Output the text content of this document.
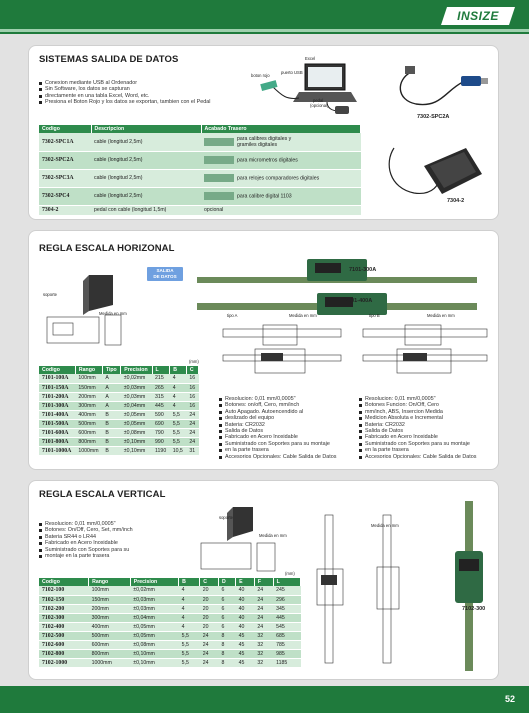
INSIZE
SISTEMAS SALIDA DE DATOS
Conexion mediante USB al Ordenador
Sin Software, los datos se capturan
directamente en una tabla Excel, Word, etc.
Presiona el Boton Rojo y los datos se exportan, tambien con el Pedal
Excel
boton rojo
puerto USB
pedal
(opcional)
7302-SPC2A
7304-2
Codigo	Descripcion	Acabado Trasero
7302-SPC1A	cable (longitud 2,5m)	para calibres digitales y
gramiles digitales
7302-SPC2A	cable (longitud 2,5m)	para micrometros digitales
7302-SPC3A	cable (longitud 2,5m)	para relojes comparadores digitales
7302-SPC4	cable (longitud 2,5m)	para calibre digital 1103
7304-2	pedal con cable (longitud 1,5m)	opcional
REGLA ESCALA HORIZONAL
SALIDA
DE DATOS
7101-300A
7101-400A
soporte
Medida en mm	tipo A	Medida en mm	tipo B	Medida en mm
(mm)
Codigo	Rango	Tipo	Precision	L	B	C
7101-100A	100mm	A	±0,02mm	215	4	16
7101-150A	150mm	A	±0,03mm	265	4	16
7101-200A	200mm	A	±0,03mm	315	4	16
7101-300A	300mm	A	±0,04mm	445	4	16
7101-400A	400mm	B	±0,05mm	590	5,5	24
7101-500A	500mm	B	±0,05mm	690	5,5	24
7101-600A	600mm	B	±0,08mm	790	5,5	24
7101-800A	800mm	B	±0,10mm	990	5,5	24
7101-1000A	1000mm	B	±0,10mm	1190	10,5	31
Resolucion: 0,01 mm/0,0005"
Botones: on/off, Cero, mm/inch
Auto Apagado. Autoencendido al
deslizado del equipo
Bateria: CR2032
Salida de Datos
Fabricado en Acero Inoxidable
Suministrado con Soportes para su montaje
en la parte trasera
Accesorios Opcionales: Cable Salida de Datos
Resolucion: 0,01 mm/0,0005"
Botones Funcion: On/Off, Cero
mm/inch, ABS, Insercion Medida
Medicion Absoluta e Incremental
Bateria: CR2032
Salida de Datos
Fabricado en Acero Inoxidable
Suministrado con Soportes para su montaje
en la parte trasera
Accesorios Opcionales: Cable Salida de Datos
REGLA ESCALA VERTICAL
Resolucion: 0,01 mm/0,0005"
Botones: On/Off, Cero, Set, mm/inch
Bateria SR44 o LR44
Fabricado en Acero Inoxidable
Suministrado con Soportes para su
montaje en la parte trasera
soporte
Medida en mm
Medida en mm
7102-300
(mm)
Codigo	Rango	Precision	B	C	D	E	F	L
7102-100	100mm	±0,02mm	4	20	6	40	24	245
7102-150	150mm	±0,03mm	4	20	6	40	24	296
7102-200	200mm	±0,03mm	4	20	6	40	24	345
7102-300	300mm	±0,04mm	4	20	6	40	24	445
7102-400	400mm	±0,05mm	4	20	6	40	24	545
7102-500	500mm	±0,05mm	5,5	24	8	45	32	685
7102-600	600mm	±0,08mm	5,5	24	8	45	32	785
7102-800	800mm	±0,10mm	5,5	24	8	45	32	985
7102-1000	1000mm	±0,10mm	5,5	24	8	45	32	1185
52
